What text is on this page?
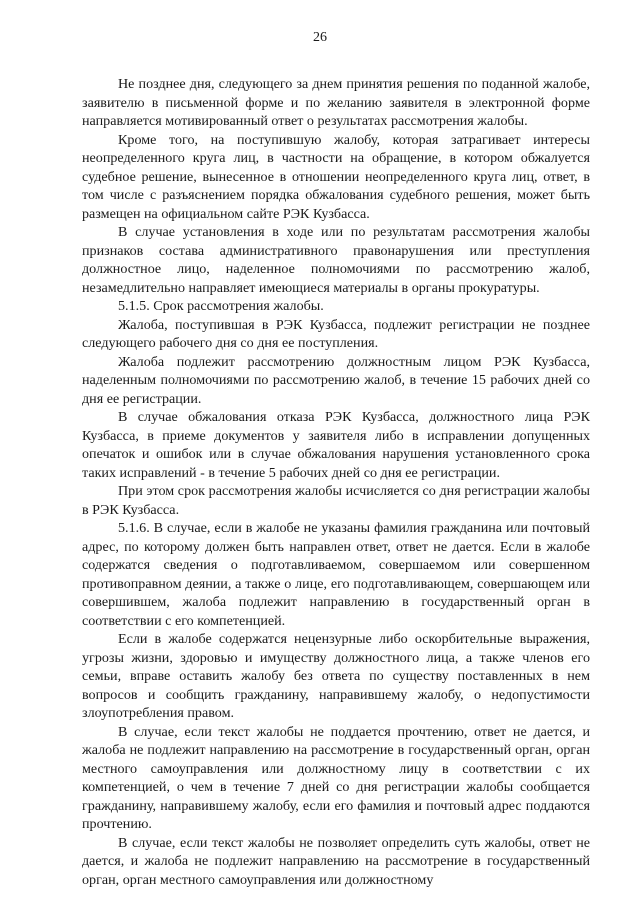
26

Не позднее дня, следующего за днем принятия решения по поданной жалобе, заявителю в письменной форме и по желанию заявителя в электронной форме направляется мотивированный ответ о результатах рассмотрения жалобы.

Кроме того, на поступившую жалобу, которая затрагивает интересы неопределенного круга лиц, в частности на обращение, в котором обжалуется судебное решение, вынесенное в отношении неопределенного круга лиц, ответ, в том числе с разъяснением порядка обжалования судебного решения, может быть размещен на официальном сайте РЭК Кузбасса.

В случае установления в ходе или по результатам рассмотрения жалобы признаков состава административного правонарушения или преступления должностное лицо, наделенное полномочиями по рассмотрению жалоб, незамедлительно направляет имеющиеся материалы в органы прокуратуры.

5.1.5. Срок рассмотрения жалобы.

Жалоба, поступившая в РЭК Кузбасса, подлежит регистрации не позднее следующего рабочего дня со дня ее поступления.

Жалоба подлежит рассмотрению должностным лицом РЭК Кузбасса, наделенным полномочиями по рассмотрению жалоб, в течение 15 рабочих дней со дня ее регистрации.

В случае обжалования отказа РЭК Кузбасса, должностного лица РЭК Кузбасса, в приеме документов у заявителя либо в исправлении допущенных опечаток и ошибок или в случае обжалования нарушения установленного срока таких исправлений - в течение 5 рабочих дней со дня ее регистрации.

При этом срок рассмотрения жалобы исчисляется со дня регистрации жалобы в РЭК Кузбасса.

5.1.6. В случае, если в жалобе не указаны фамилия гражданина или почтовый адрес, по которому должен быть направлен ответ, ответ не дается. Если в жалобе содержатся сведения о подготавливаемом, совершаемом или совершенном противоправном деянии, а также о лице, его подготавливающем, совершающем или совершившем, жалоба подлежит направлению в государственный орган в соответствии с его компетенцией.

Если в жалобе содержатся нецензурные либо оскорбительные выражения, угрозы жизни, здоровью и имуществу должностного лица, а также членов его семьи, вправе оставить жалобу без ответа по существу поставленных в нем вопросов и сообщить гражданину, направившему жалобу, о недопустимости злоупотребления правом.

В случае, если текст жалобы не поддается прочтению, ответ не дается, и жалоба не подлежит направлению на рассмотрение в государственный орган, орган местного самоуправления или должностному лицу в соответствии с их компетенцией, о чем в течение 7 дней со дня регистрации жалобы сообщается гражданину, направившему жалобу, если его фамилия и почтовый адрес поддаются прочтению.

В случае, если текст жалобы не позволяет определить суть жалобы, ответ не дается, и жалоба не подлежит направлению на рассмотрение в государственный орган, орган местного самоуправления или должностному
